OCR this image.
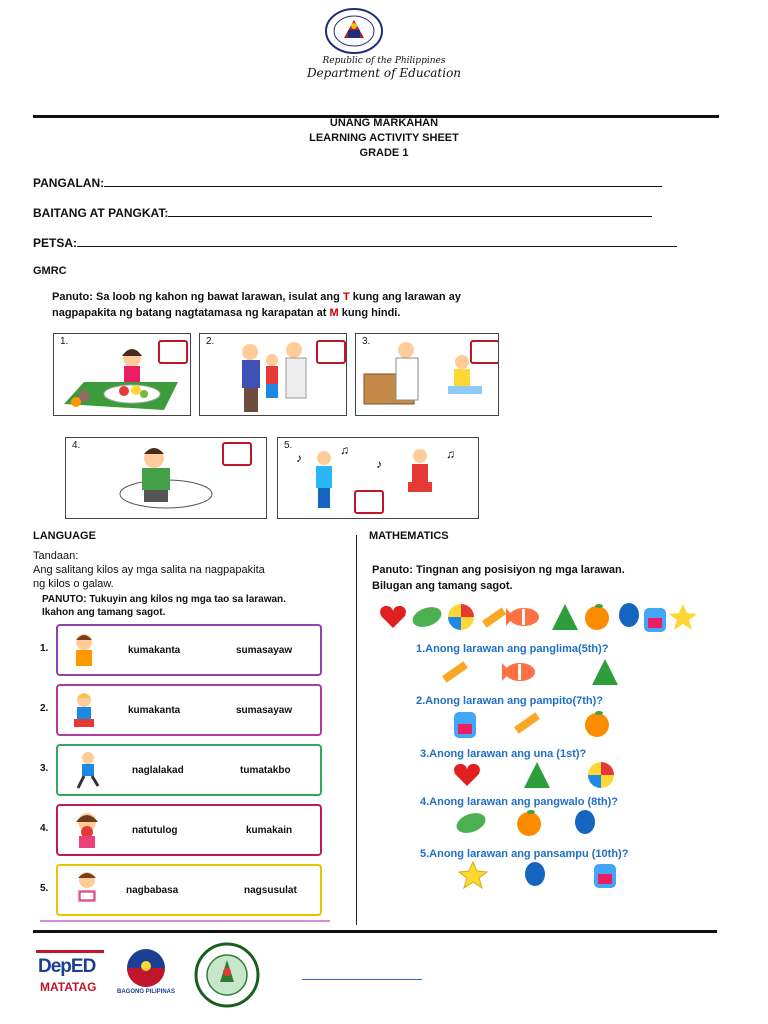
Republic of the Philippines
Department of Education
UNANG MARKAHAN
LEARNING ACTIVITY SHEET
GRADE 1
PANGALAN:
BAITANG AT PANGKAT:
PETSA:
GMRC
Panuto: Sa loob ng kahon ng bawat larawan, isulat ang T kung ang larawan ay
nagpapakita ng batang nagtatamasa ng karapatan at M kung hindi.
1.	2.	3.
4.	5.
♪
♫
♪
♫
LANGUAGE
Tandaan:
Ang salitang kilos ay mga salita na nagpapakita
ng kilos o galaw.
PANUTO: Tukuyin ang kilos ng mga tao sa larawan.
Ikahon ang tamang sagot.
1.	kumakanta	sumasayaw
2.	kumakanta	sumasayaw
3.	naglalakad	tumatakbo
4.	natutulog	kumakain
5.	nagbabasa	nagsusulat
MATHEMATICS
Panuto: Tingnan ang posisiyon ng mga larawan.
Bilugan ang tamang sagot.
1.Anong larawan ang panglima(5th)?
2.Anong larawan ang pampito(7th)?
3.Anong larawan ang una (1st)?
4.Anong larawan ang pangwalo (8th)?
5.Anong larawan ang pansampu (10th)?
DepED
MATATAG	BAGONG PILIPINAS
